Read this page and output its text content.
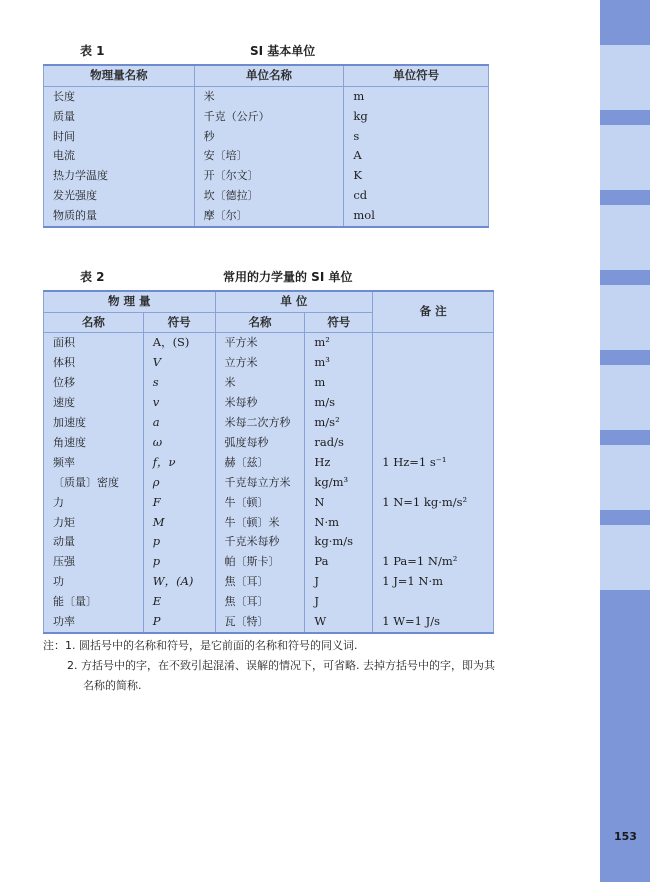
153
表 1	SI 基本单位
物理量名称	单位名称	单位符号
长度	米	m
质量	千克（公斤）	kg
时间	秒	s
电流	安〔培〕	A
热力学温度	开〔尔文〕	K
发光强度	坎〔德拉〕	cd
物质的量	摩〔尔〕	mol
表 2	常用的力学量的 SI 单位
物 理 量		单 位		备 注
名称	符号	名称	符号	
面积	A，(S)	平方米	m²	
体积	V	立方米	m³	
位移	s	米	m	
速度	v	米每秒	m/s	
加速度	a	米每二次方秒	m/s²	
角速度	ω	弧度每秒	rad/s	
频率	f，ν	赫〔兹〕	Hz	1 Hz=1 s⁻¹
〔质量〕密度	ρ	千克每立方米	kg/m³	
力	F	牛〔顿〕	N	1 N=1 kg·m/s²
力矩	M	牛〔顿〕米	N·m	
动量	p	千克米每秒	kg·m/s	
压强	p	帕〔斯卡〕	Pa	1 Pa=1 N/m²
功	W，(A)	焦〔耳〕	J	1 J=1 N·m
能〔量〕	E	焦〔耳〕	J	
功率	P	瓦〔特〕	W	1 W=1 J/s
注：1. 圆括号中的名称和符号，是它前面的名称和符号的同义词.
2. 方括号中的字，在不致引起混淆、误解的情况下，可省略. 去掉方括号中的字，即为其
名称的简称.
